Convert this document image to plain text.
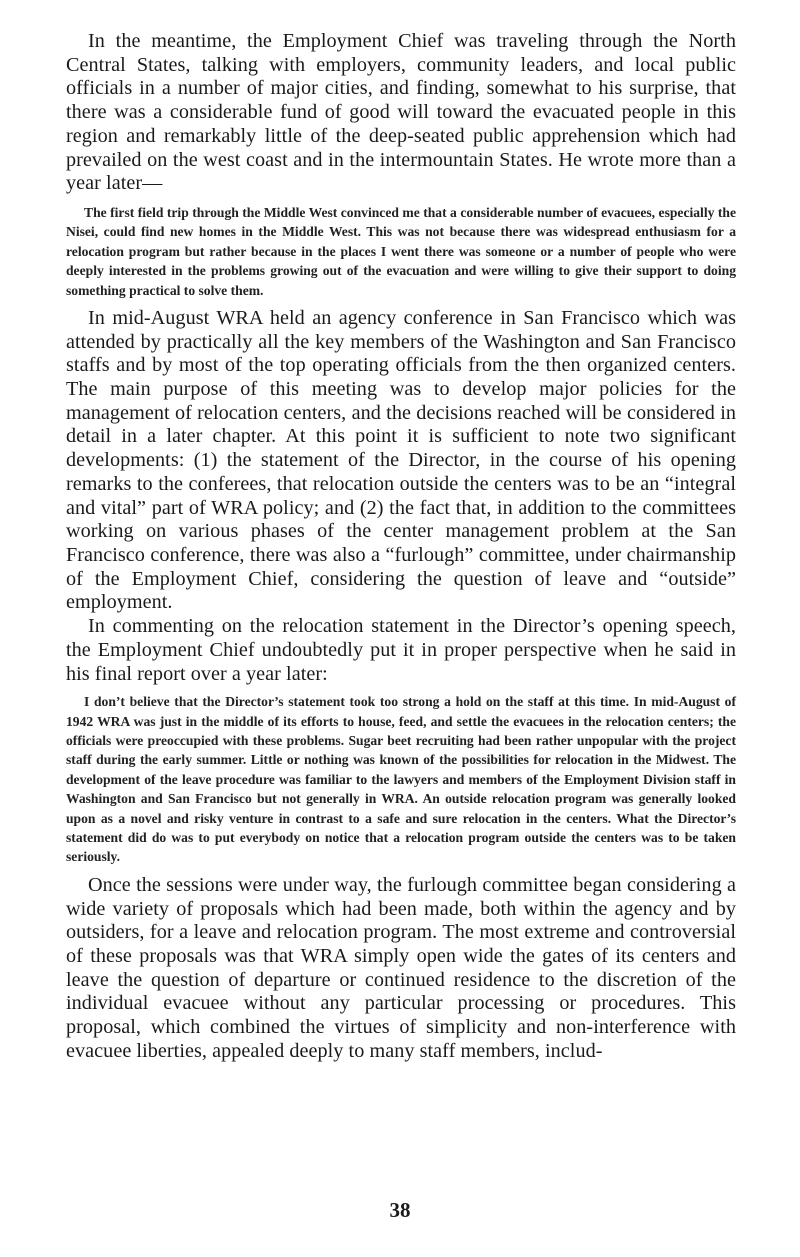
In the meantime, the Employment Chief was traveling through the North Central States, talking with employers, community leaders, and local public officials in a number of major cities, and finding, somewhat to his surprise, that there was a considerable fund of good will toward the evacuated people in this region and remarkably little of the deep-seated public apprehension which had prevailed on the west coast and in the intermountain States. He wrote more than a year later—

The first field trip through the Middle West convinced me that a considerable number of evacuees, especially the Nisei, could find new homes in the Middle West. This was not because there was widespread enthusiasm for a relocation program but rather because in the places I went there was someone or a number of people who were deeply interested in the problems growing out of the evacuation and were willing to give their support to doing something practical to solve them.

In mid-August WRA held an agency conference in San Francisco which was attended by practically all the key members of the Washington and San Francisco staffs and by most of the top operating officials from the then organized centers. The main purpose of this meeting was to develop major policies for the management of relocation centers, and the decisions reached will be considered in detail in a later chapter. At this point it is sufficient to note two significant developments: (1) the statement of the Director, in the course of his opening remarks to the conferees, that relocation outside the centers was to be an “integral and vital” part of WRA policy; and (2) the fact that, in addition to the committees working on various phases of the center management problem at the San Francisco conference, there was also a “furlough” committee, under chairmanship of the Employment Chief, considering the question of leave and “outside” employment.

In commenting on the relocation statement in the Director’s opening speech, the Employment Chief undoubtedly put it in proper perspective when he said in his final report over a year later:

I don’t believe that the Director’s statement took too strong a hold on the staff at this time. In mid-August of 1942 WRA was just in the middle of its efforts to house, feed, and settle the evacuees in the relocation centers; the officials were preoccupied with these problems. Sugar beet recruiting had been rather unpopular with the project staff during the early summer. Little or nothing was known of the possibilities for relocation in the Midwest. The development of the leave procedure was familiar to the lawyers and members of the Employment Division staff in Washington and San Francisco but not generally in WRA. An outside relocation program was generally looked upon as a novel and risky venture in contrast to a safe and sure relocation in the centers. What the Director’s statement did do was to put everybody on notice that a relocation program outside the centers was to be taken seriously.

Once the sessions were under way, the furlough committee began considering a wide variety of proposals which had been made, both within the agency and by outsiders, for a leave and relocation program. The most extreme and controversial of these proposals was that WRA simply open wide the gates of its centers and leave the question of departure or continued residence to the discretion of the individual evacuee without any particular processing or procedures. This proposal, which combined the virtues of simplicity and non-interference with evacuee liberties, appealed deeply to many staff members, includ-

38
